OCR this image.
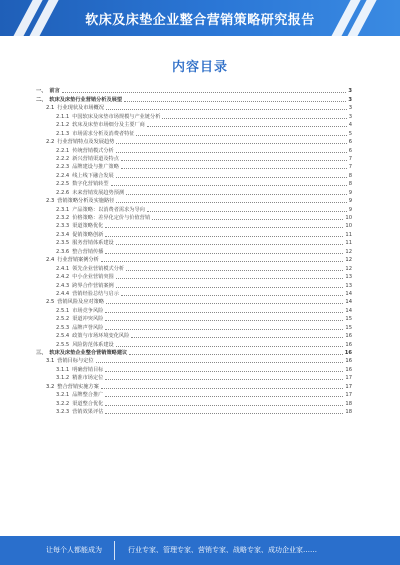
软床及床垫企业整合营销策略研究报告
内容目录
一、 前言	3
二、 软床及床垫行业营销分析及展望	3
2.1 行业现状及市场概况	3
2.1.1 中国软床及床垫市场规模与产业链分析	3
2.1.2 软床及床垫市场细分及主要厂商	4
2.1.3 市场需求分析及消费者特征	5
2.2 行业营销特点及发展趋势	6
2.2.1 传统营销模式分析	6
2.2.2 新兴营销渠道及特点	7
2.2.3 品牌建设与推广策略	7
2.2.4 线上线下融合发展	8
2.2.5 数字化营销转型	8
2.2.6 未来营销发展趋势预测	9
2.3 营销策略分析及实施路径	9
2.3.1 产品策略：以消费者需求为导向	9
2.3.2 价格策略：差异化定价与价值营销	10
2.3.3 渠道策略优化	10
2.3.4 促销策略创新	11
2.3.5 服务营销体系建设	11
2.3.6 整合营销传播	12
2.4 行业营销案例分析	12
2.4.1 领先企业营销模式分析	12
2.4.2 中小企业营销突围	13
2.4.3 跨界合作营销案例	13
2.4.4 营销经验总结与启示	14
2.5 营销风险及应对策略	14
2.5.1 市场竞争风险	14
2.5.2 渠道冲突风险	15
2.5.3 品牌声誉风险	15
2.5.4 政策与市场环境变化风险	16
2.5.5 风险防范体系建设	16
三、 软床及床垫企业整合营销策略建议	16
3.1 营销目标与定位	16
3.1.1 明确营销目标	16
3.1.2 精准市场定位	17
3.2 整合营销实施方案	17
3.2.1 品牌整合推广	17
3.2.2 渠道整合优化	18
3.2.3 营销效果评估	18
让每个人都能成为	行业专家、管理专家、营销专家、战略专家、成功企业家……
